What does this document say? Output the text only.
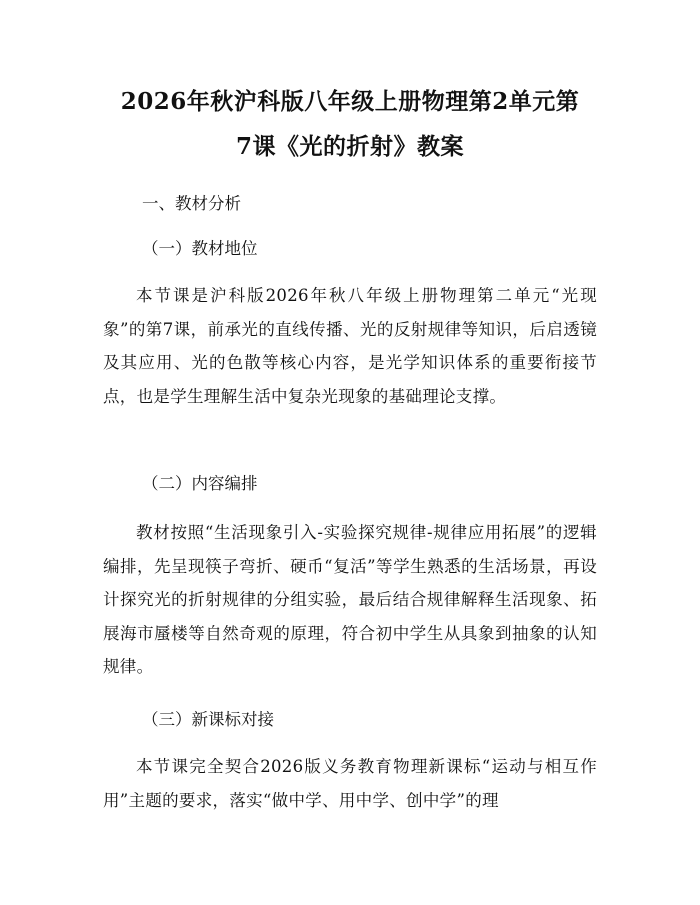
2026年秋沪科版八年级上册物理第2单元第
7课《光的折射》教案
一、教材分析
（一）教材地位
本节课是沪科版2026年秋八年级上册物理第二单元“光现象”的第7课，前承光的直线传播、光的反射规律等知识，后启透镜及其应用、光的色散等核心内容，是光学知识体系的重要衔接节点，也是学生理解生活中复杂光现象的基础理论支撑。
（二）内容编排
教材按照“生活现象引入-实验探究规律-规律应用拓展”的逻辑编排，先呈现筷子弯折、硬币“复活”等学生熟悉的生活场景，再设计探究光的折射规律的分组实验，最后结合规律解释生活现象、拓展海市蜃楼等自然奇观的原理，符合初中学生从具象到抽象的认知规律。
（三）新课标对接
本节课完全契合2026版义务教育物理新课标“运动与相互作用”主题的要求，落实“做中学、用中学、创中学”的理
